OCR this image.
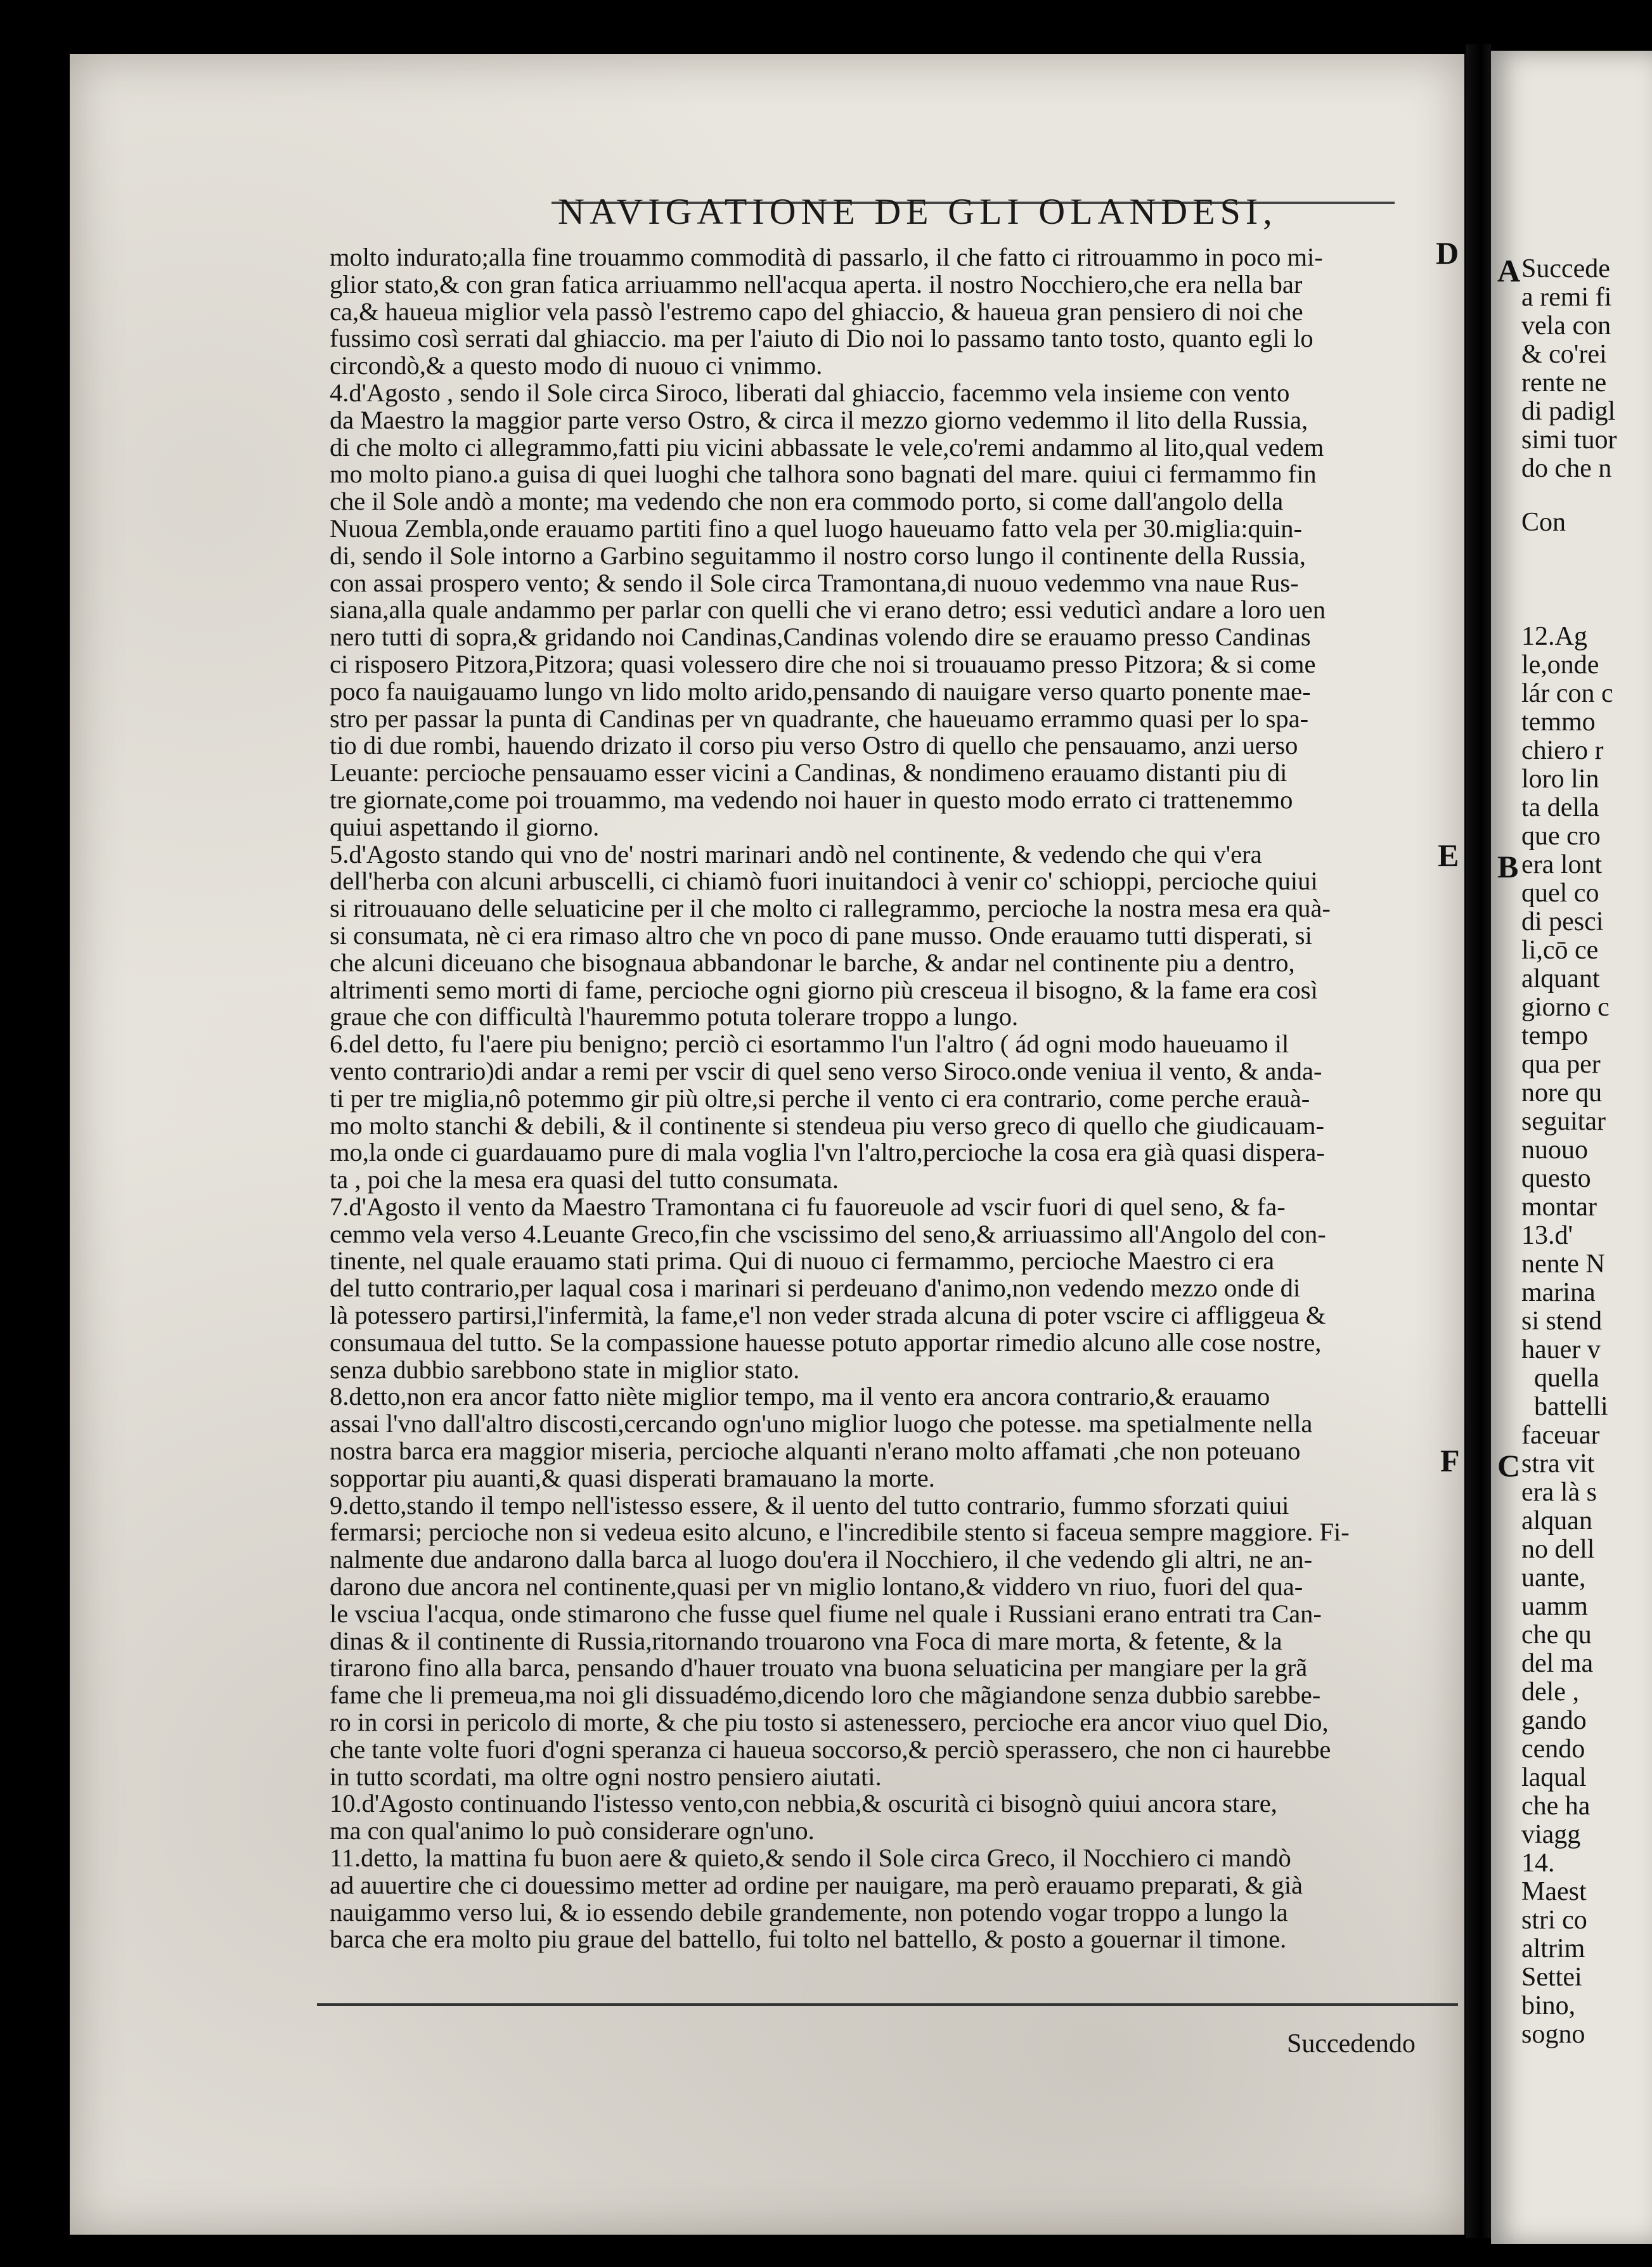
NAVIGATIONE DE GLI OLANDESI,
D
E
F
molto indurato;alla fine trouammo commodità di passarlo, il che fatto ci ritrouammo in poco mi-
glior stato,& con gran fatica arriuammo nell'acqua aperta. il nostro Nocchiero,che era nella bar
ca,& haueua miglior vela passò l'estremo capo del ghiaccio, & haueua gran pensiero di noi che
fussimo così serrati dal ghiaccio. ma per l'aiuto di Dio noi lo passamo tanto tosto, quanto egli lo
circondò,& a questo modo di nuouo ci vnimmo.
4.d'Agosto , sendo il Sole circa Siroco, liberati dal ghiaccio, facemmo vela insieme con vento
da Maestro la maggior parte verso Ostro, & circa il mezzo giorno vedemmo il lito della Russia,
di che molto ci allegrammo,fatti piu vicini abbassate le vele,co'remi andammo al lito,qual vedem
mo molto piano.a guisa di quei luoghi che talhora sono bagnati del mare. quiui ci fermammo fin
che il Sole andò a monte; ma vedendo che non era commodo porto, si come dall'angolo della
Nuoua Zembla,onde erauamo partiti fino a quel luogo haueuamo fatto vela per 30.miglia:quin-
di, sendo il Sole intorno a Garbino seguitammo il nostro corso lungo il continente della Russia,
con assai prospero vento; & sendo il Sole circa Tramontana,di nuouo vedemmo vna naue Rus-
siana,alla quale andammo per parlar con quelli che vi erano detro; essi veduticì andare a loro uen
nero tutti di sopra,& gridando noi Candinas,Candinas volendo dire se erauamo presso Candinas
ci risposero Pitzora,Pitzora; quasi volessero dire che noi si trouauamo presso Pitzora; & si come
poco fa nauigauamo lungo vn lido molto arido,pensando di nauigare verso quarto ponente mae-
stro per passar la punta di Candinas per vn quadrante, che haueuamo errammo quasi per lo spa-
tio di due rombi, hauendo drizato il corso piu verso Ostro di quello che pensauamo, anzi uerso
Leuante: percioche pensauamo esser vicini a Candinas, & nondimeno erauamo distanti piu di
tre giornate,come poi trouammo, ma vedendo noi hauer in questo modo errato ci trattenemmo
quiui aspettando il giorno.
5.d'Agosto stando qui vno de' nostri marinari andò nel continente, & vedendo che qui v'era
dell'herba con alcuni arbuscelli, ci chiamò fuori inuitandoci à venir co' schioppi, percioche quiui
si ritrouauano delle seluaticine per il che molto ci rallegrammo, percioche la nostra mesa era quà-
si consumata, nè ci era rimaso altro che vn poco di pane musso. Onde erauamo tutti disperati, si
che alcuni diceuano che bisognaua abbandonar le barche, & andar nel continente piu a dentro,
altrimenti semo morti di fame, percioche ogni giorno più cresceua il bisogno, & la fame era così
graue che con difficultà l'hauremmo potuta tolerare troppo a lungo.
6.del detto, fu l'aere piu benigno; perciò ci esortammo l'un l'altro ( ád ogni modo haueuamo il
vento contrario)di andar a remi per vscir di quel seno verso Siroco.onde veniua il vento, & anda-
ti per tre miglia,nô potemmo gir più oltre,si perche il vento ci era contrario, come perche erauà-
mo molto stanchi & debili, & il continente si stendeua piu verso greco di quello che giudicauam-
mo,la onde ci guardauamo pure di mala voglia l'vn l'altro,percioche la cosa era già quasi dispera-
ta , poi che la mesa era quasi del tutto consumata.
7.d'Agosto il vento da Maestro Tramontana ci fu fauoreuole ad vscir fuori di quel seno, & fa-
cemmo vela verso 4.Leuante Greco,fin che vscissimo del seno,& arriuassimo all'Angolo del con-
tinente, nel quale erauamo stati prima. Qui di nuouo ci fermammo, percioche Maestro ci era
del tutto contrario,per laqual cosa i marinari si perdeuano d'animo,non vedendo mezzo onde di
là potessero partirsi,l'infermità, la fame,e'l non veder strada alcuna di poter vscire ci affliggeua &
consumaua del tutto. Se la compassione hauesse potuto apportar rimedio alcuno alle cose nostre,
senza dubbio sarebbono state in miglior stato.
8.detto,non era ancor fatto niète miglior tempo, ma il vento era ancora contrario,& erauamo
assai l'vno dall'altro discosti,cercando ogn'uno miglior luogo che potesse. ma spetialmente nella
nostra barca era maggior miseria, percioche alquanti n'erano molto affamati ,che non poteuano
sopportar piu auanti,& quasi disperati bramauano la morte.
9.detto,stando il tempo nell'istesso essere, & il uento del tutto contrario, fummo sforzati quiui
fermarsi; percioche non si vedeua esito alcuno, e l'incredibile stento si faceua sempre maggiore. Fi-
nalmente due andarono dalla barca al luogo dou'era il Nocchiero, il che vedendo gli altri, ne an-
darono due ancora nel continente,quasi per vn miglio lontano,& viddero vn riuo, fuori del qua-
le vsciua l'acqua, onde stimarono che fusse quel fiume nel quale i Russiani erano entrati tra Can-
dinas & il continente di Russia,ritornando trouarono vna Foca di mare morta, & fetente, & la
tirarono fino alla barca, pensando d'hauer trouato vna buona seluaticina per mangiare per la grã
fame che li premeua,ma noi gli dissuadémo,dicendo loro che mãgiandone senza dubbio sarebbe-
ro in corsi in pericolo di morte, & che piu tosto si astenessero, percioche era ancor viuo quel Dio,
che tante volte fuori d'ogni speranza ci haueua soccorso,& perciò sperassero, che non ci haurebbe
in tutto scordati, ma oltre ogni nostro pensiero aiutati.
10.d'Agosto continuando l'istesso vento,con nebbia,& oscurità ci bisognò quiui ancora stare,
ma con qual'animo lo può considerare ogn'uno.
11.detto, la mattina fu buon aere & quieto,& sendo il Sole circa Greco, il Nocchiero ci mandò
ad auuertire che ci douessimo metter ad ordine per nauigare, ma però erauamo preparati, & già
nauigammo verso lui, & io essendo debile grandemente, non potendo vogar troppo a lungo la
barca che era molto piu graue del battello, fui tolto nel battello, & posto a gouernar il timone.
Succedendo
Succede
a remi fi
vela con
& co'rei
rente ne
di padigl
simi tuor
do che n
Con
12.Ag
le,onde
lár con c
temmo
chiero r
loro lin
ta della
que cro
era lont
quel co
di pesci
li,cō ce
alquant
giorno c
tempo
qua per
nore qu
seguitar
nuouo
questo
montar
13.d'
nente N
marina
si stend
hauer v
quella
battelli
faceuar
stra vit
era là s
alquan
no dell
uante,
uamm
che qu
del ma
dele ,
gando
cendo
laqual
che ha
viagg
14.
Maest
stri co
altrim
Settei
bino,
sogno
A
B
C
